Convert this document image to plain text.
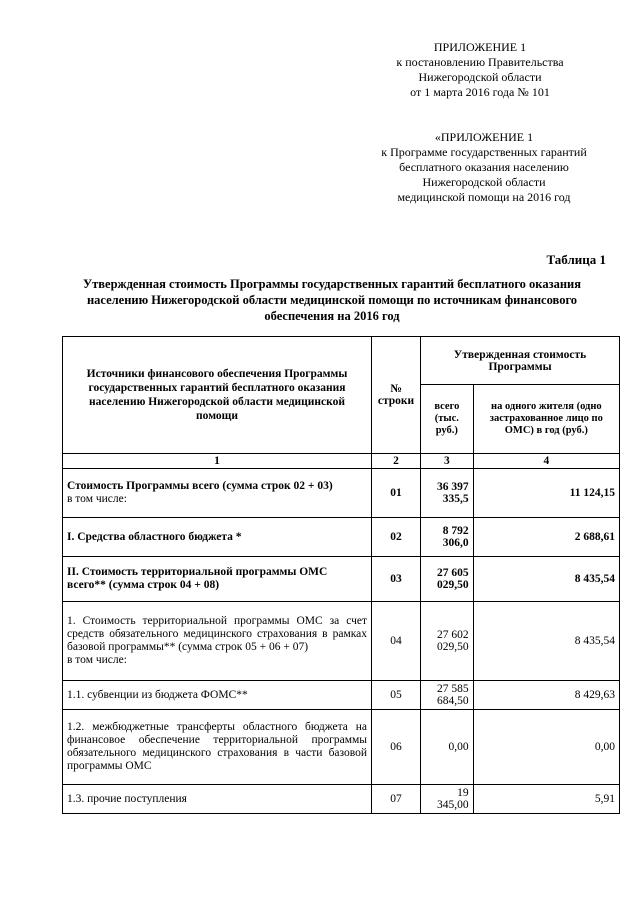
ПРИЛОЖЕНИЕ 1
к постановлению Правительства
Нижегородской области
от 1 марта 2016 года № 101
«ПРИЛОЖЕНИЕ 1
к Программе государственных гарантий
бесплатного оказания населению
Нижегородской области
медицинской помощи на 2016 год
Таблица 1
Утвержденная стоимость Программы государственных гарантий бесплатного оказания населению Нижегородской области медицинской помощи по источникам финансового обеспечения на 2016 год
Источники финансового обеспечения Программы государственных гарантий бесплатного оказания населению Нижегородской области медицинской помощи	№ строки	Утвержденная стоимость Программы	
		всего (тыс. руб.)	на одного жителя (одно застрахованное лицо по ОМС) в год (руб.)
1	2	3	4
Стоимость Программы всего (сумма строк 02 + 03)
в том числе:	01	36 397 335,5	11 124,15
I. Средства областного бюджета *	02	8 792 306,0	2 688,61
II. Стоимость территориальной программы ОМС всего** (сумма строк 04 + 08)	03	27 605 029,50	8 435,54
1. Стоимость территориальной программы ОМС за счет средств обязательного медицинского страхования в рамках базовой программы** (сумма строк 05 + 06 + 07)
в том числе:	04	27 602 029,50	8 435,54
1.1. субвенции из бюджета ФОМС**	05	27 585 684,50	8 429,63
1.2. межбюджетные трансферты областного бюджета на финансовое обеспечение территориальной программы обязательного медицинского страхования в части базовой программы ОМС	06	0,00	0,00
1.3. прочие поступления	07	19 345,00	5,91
